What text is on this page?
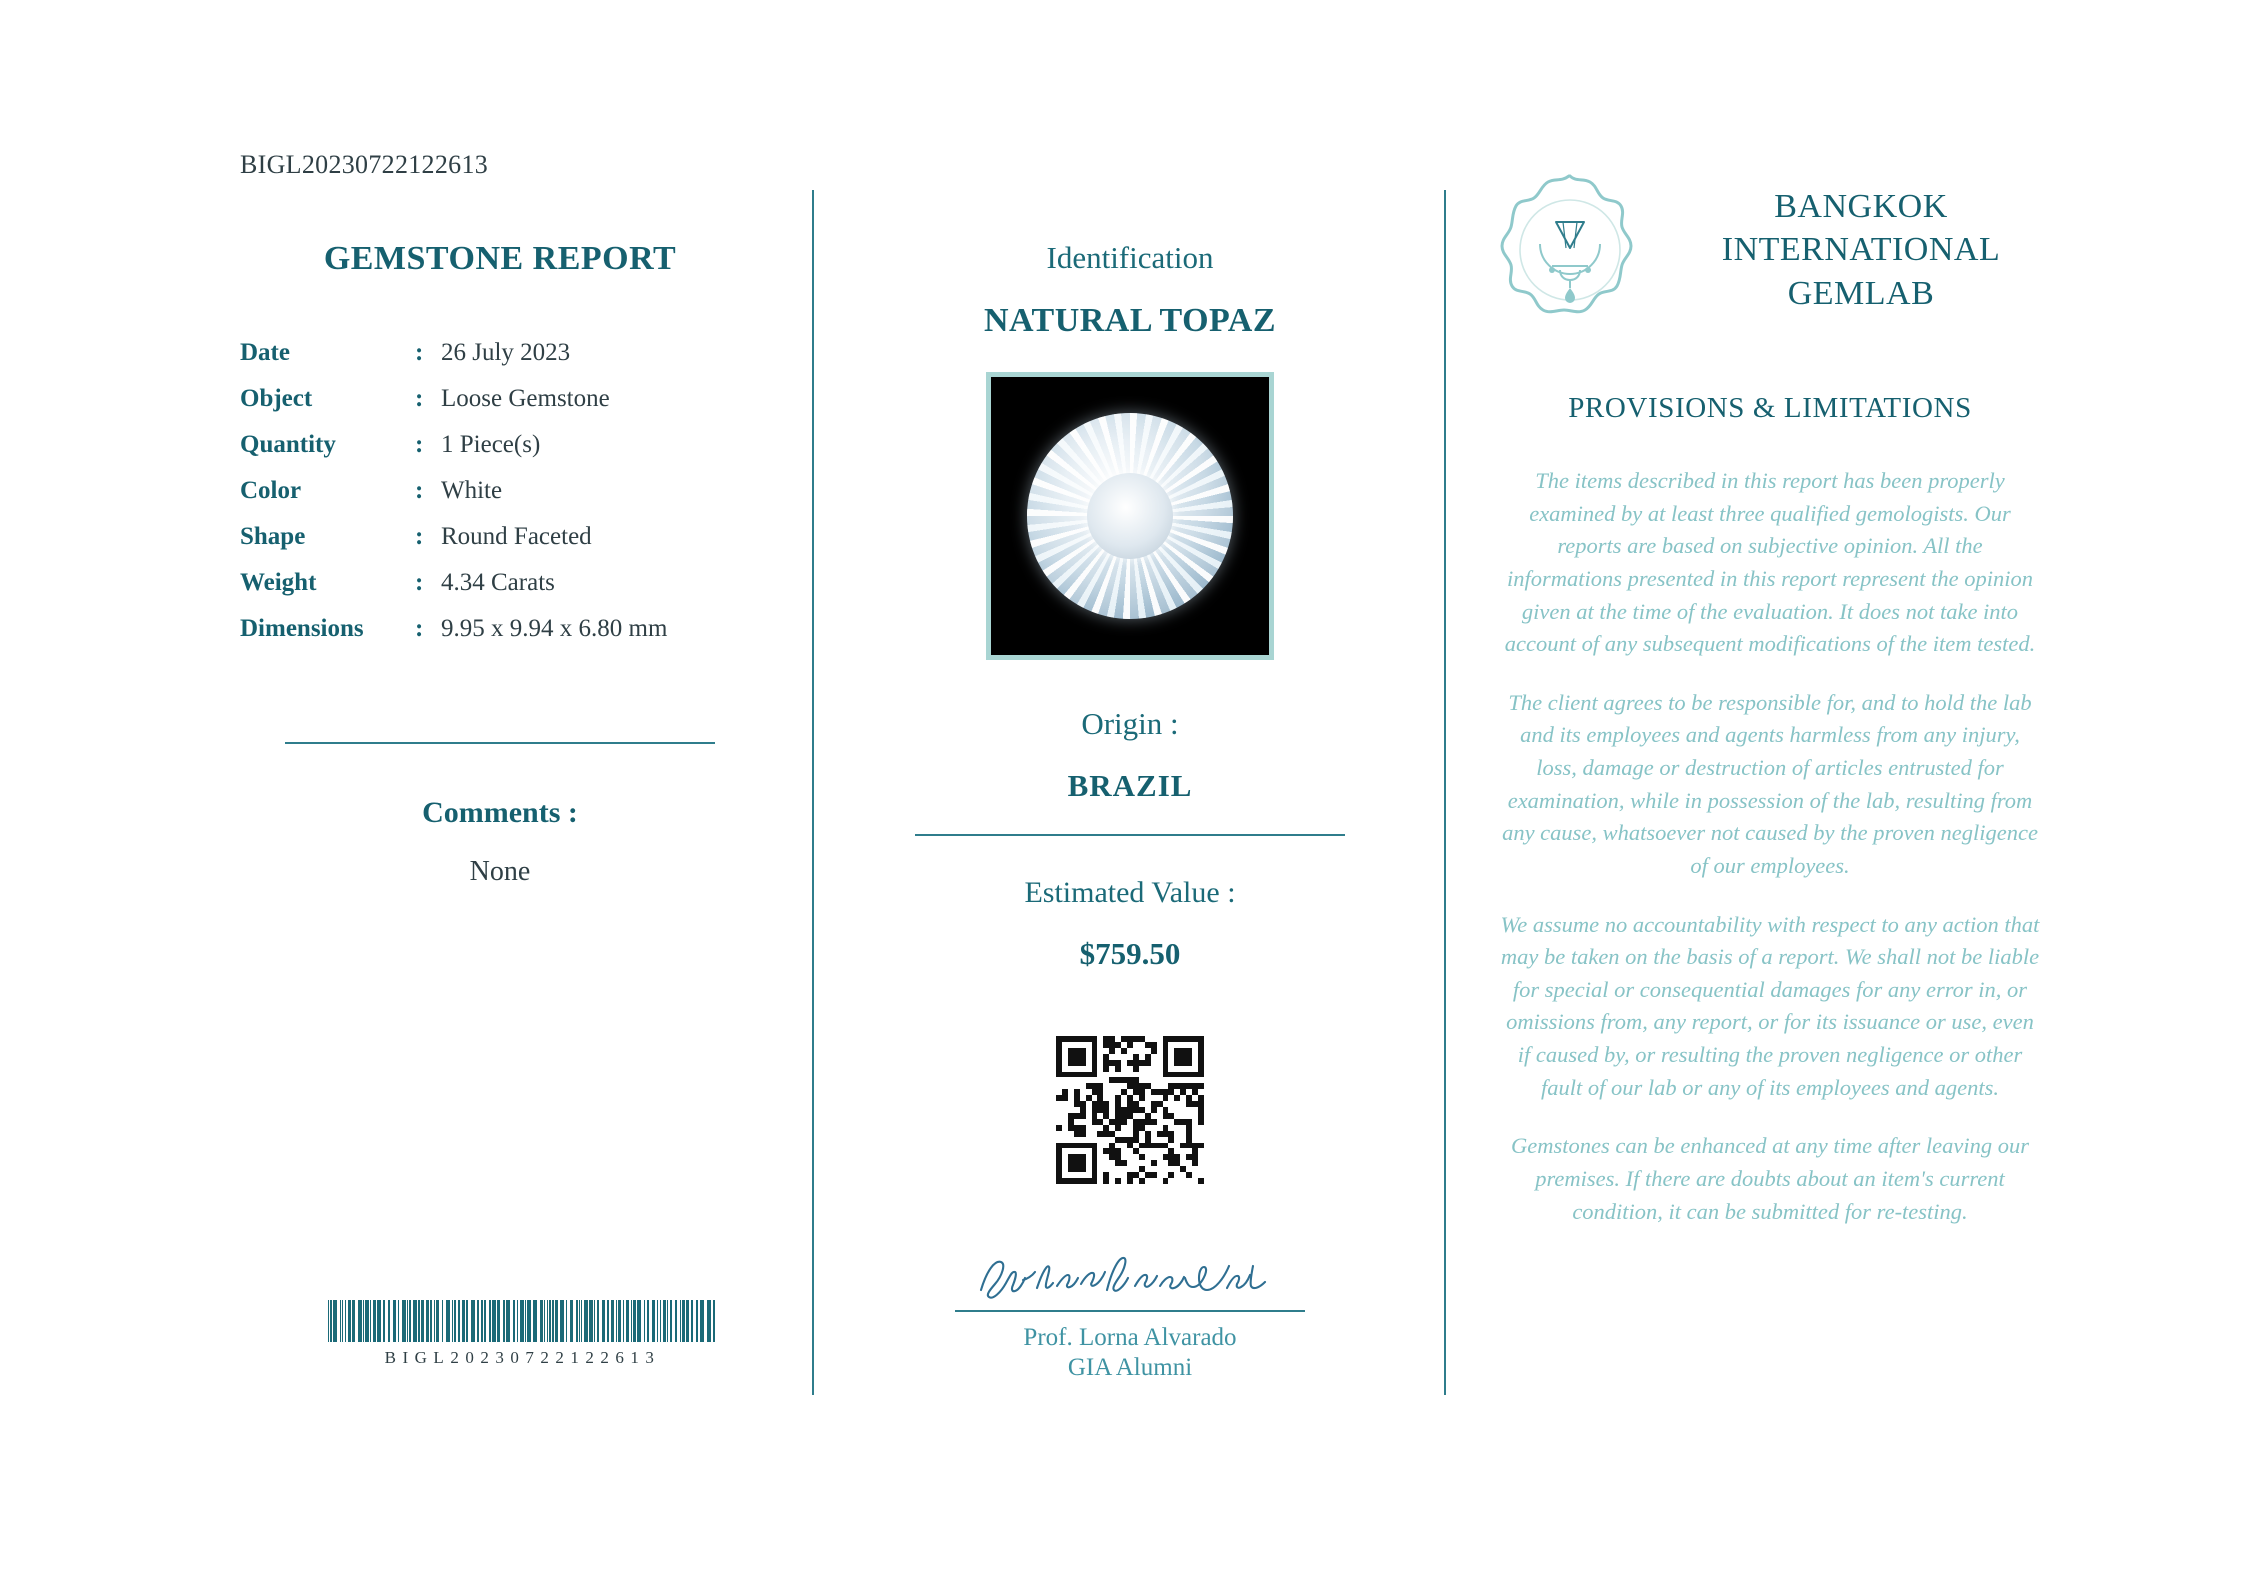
BIGL20230722122613
GEMSTONE REPORT
Date	:	26 July 2023
Object	:	Loose Gemstone
Quantity	:	1 Piece(s)
Color	:	White
Shape	:	Round Faceted
Weight	:	4.34 Carats
Dimensions	:	9.95 x 9.94 x 6.80 mm
Comments :
None
BIGL20230722122613
Identification
NATURAL TOPAZ
Origin :
BRAZIL
Estimated Value :
$759.50
Prof. Lorna Alvarado
GIA Alumni
BANGKOK INTERNATIONAL GEMLAB
PROVISIONS & LIMITATIONS

The items described in this report has been properly examined by at least three qualified gemologists. Our reports are based on subjective opinion. All the informations presented in this report represent the opinion given at the time of the evaluation. It does not take into account of any subsequent modifications of the item tested.

The client agrees to be responsible for, and to hold the lab and its employees and agents harmless from any injury, loss, damage or destruction of articles entrusted for examination, while in possession of the lab, resulting from any cause, whatsoever not caused by the proven negligence of our employees.

We assume no accountability with respect to any action that may be taken on the basis of a report. We shall not be liable for special or consequential damages for any error in, or omissions from, any report, or for its issuance or use, even if caused by, or resulting the proven negligence or other fault of our lab or any of its employees and agents.

Gemstones can be enhanced at any time after leaving our premises. If there are doubts about an item's current condition, it can be submitted for re-testing.
